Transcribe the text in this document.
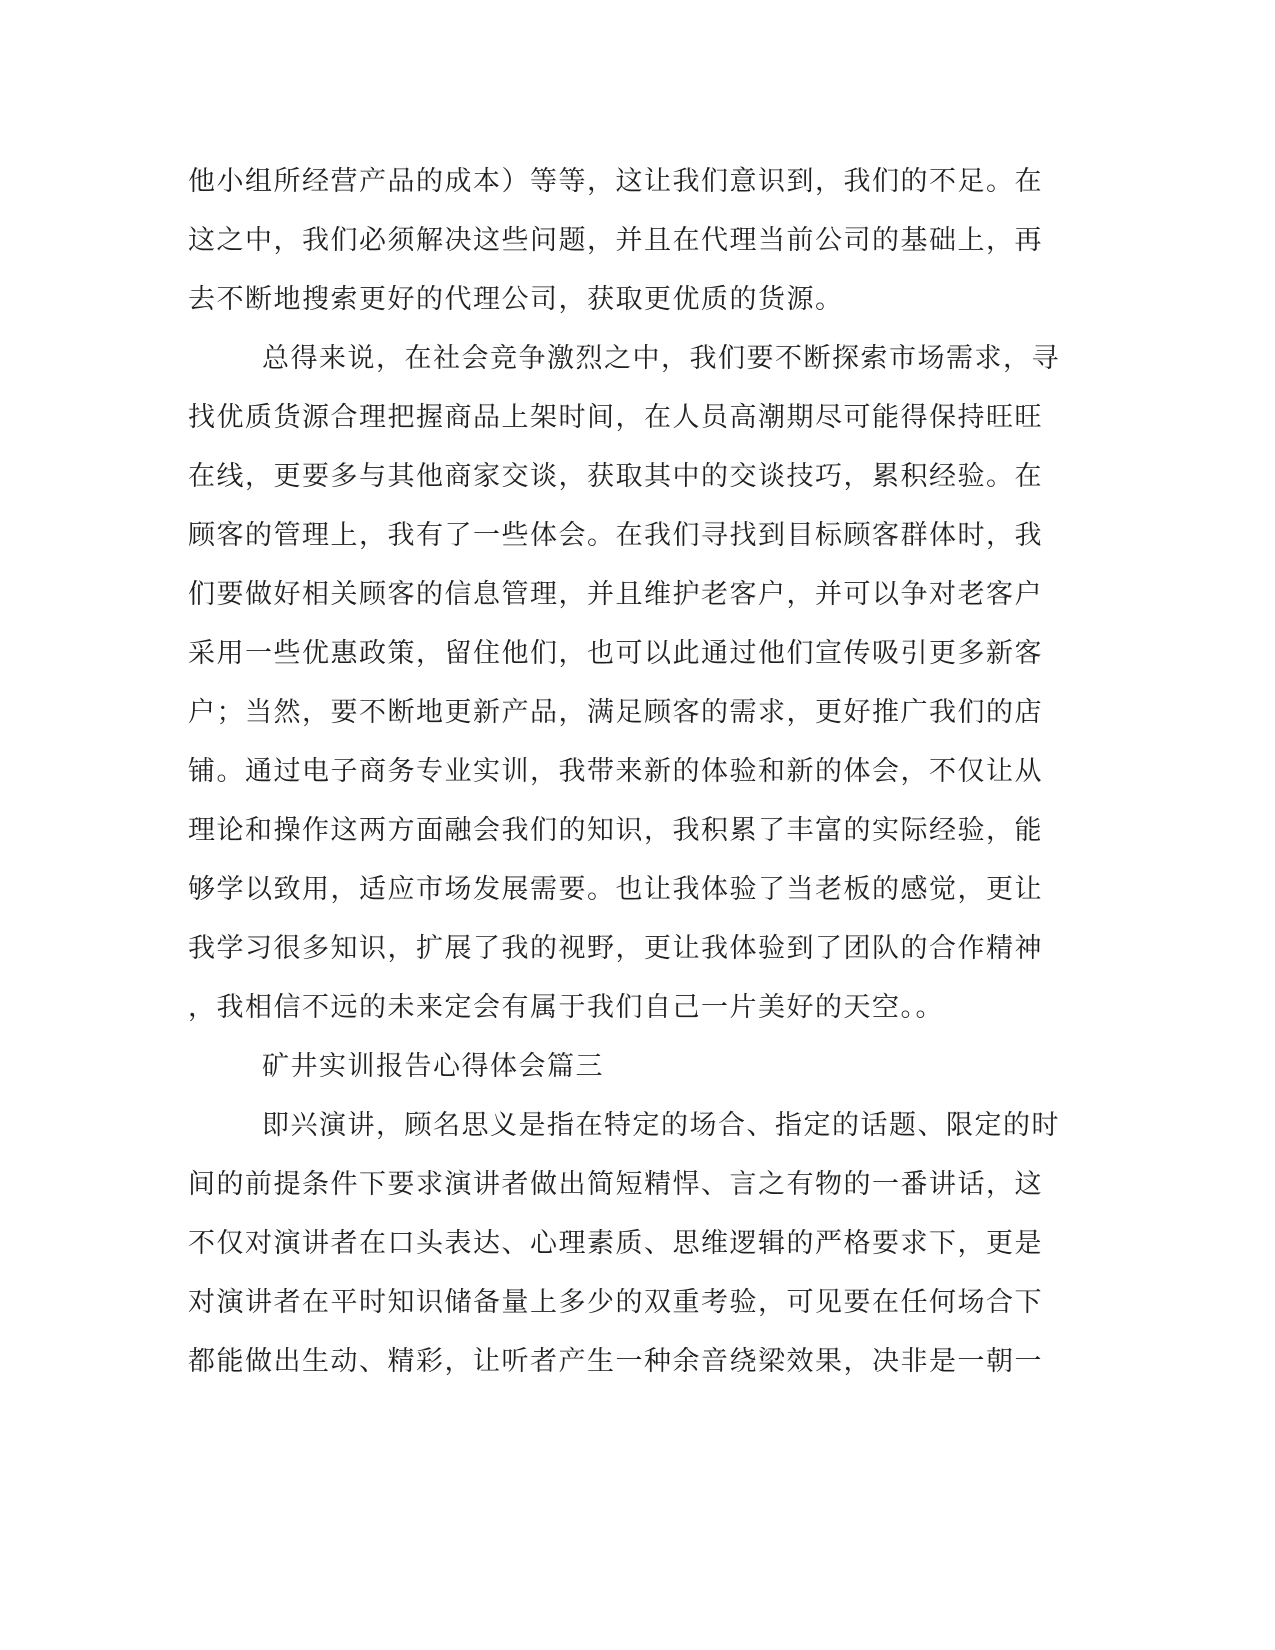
他小组所经营产品的成本）等等，这让我们意识到，我们的不足。在
这之中，我们必须解决这些问题，并且在代理当前公司的基础上，再
去不断地搜索更好的代理公司，获取更优质的货源。
总得来说，在社会竞争激烈之中，我们要不断探索市场需求，寻
找优质货源合理把握商品上架时间，在人员高潮期尽可能得保持旺旺
在线，更要多与其他商家交谈，获取其中的交谈技巧，累积经验。在
顾客的管理上，我有了一些体会。在我们寻找到目标顾客群体时，我
们要做好相关顾客的信息管理，并且维护老客户，并可以争对老客户
采用一些优惠政策，留住他们，也可以此通过他们宣传吸引更多新客
户；当然，要不断地更新产品，满足顾客的需求，更好推广我们的店
铺。通过电子商务专业实训，我带来新的体验和新的体会，不仅让从
理论和操作这两方面融会我们的知识，我积累了丰富的实际经验，能
够学以致用，适应市场发展需要。也让我体验了当老板的感觉，更让
我学习很多知识，扩展了我的视野，更让我体验到了团队的合作精神
，我相信不远的未来定会有属于我们自己一片美好的天空。。
矿井实训报告心得体会篇三
即兴演讲，顾名思义是指在特定的场合、指定的话题、限定的时
间的前提条件下要求演讲者做出简短精悍、言之有物的一番讲话，这
不仅对演讲者在口头表达、心理素质、思维逻辑的严格要求下，更是
对演讲者在平时知识储备量上多少的双重考验，可见要在任何场合下
都能做出生动、精彩，让听者产生一种余音绕梁效果，决非是一朝一
